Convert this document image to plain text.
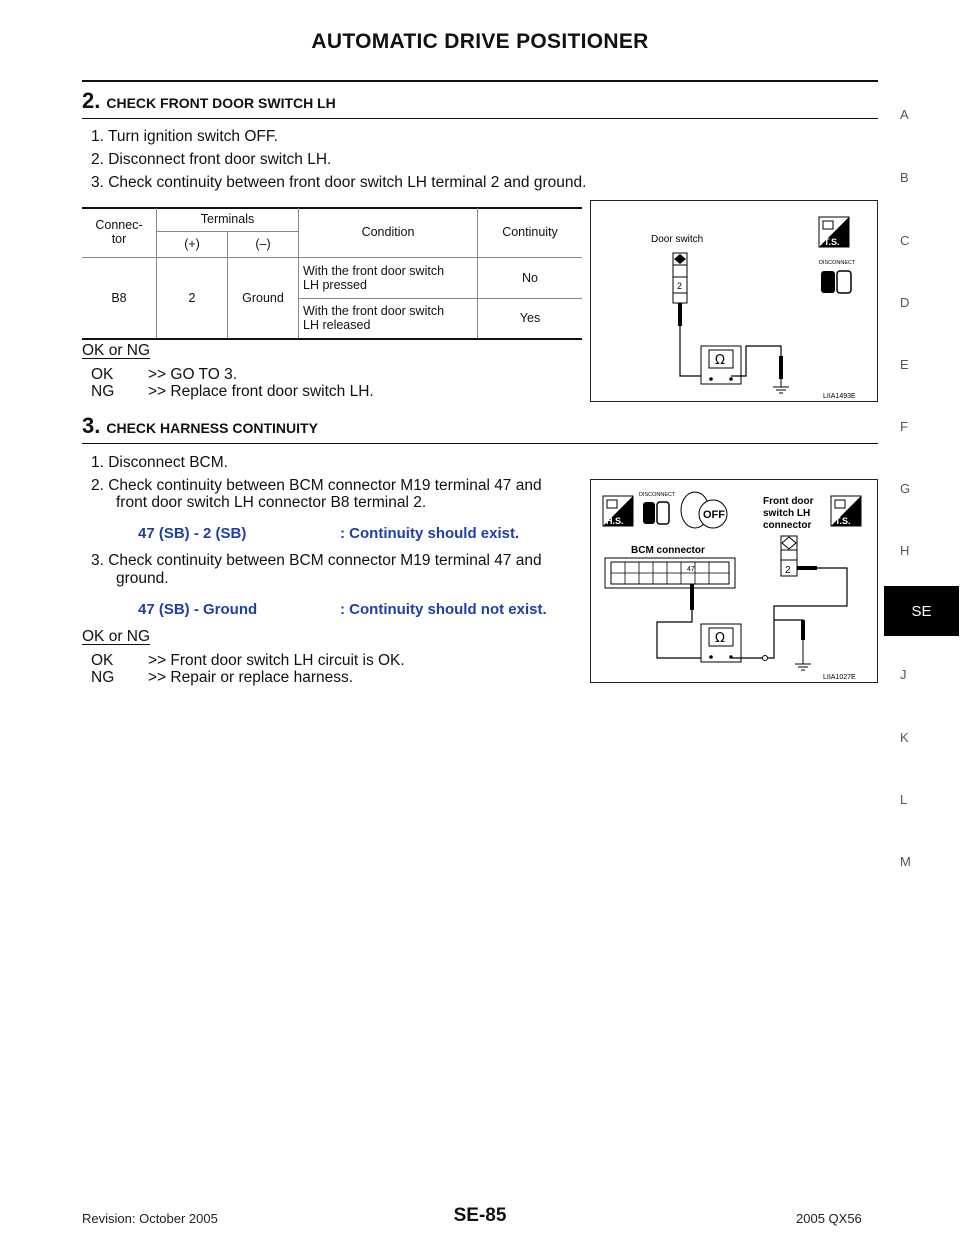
AUTOMATIC DRIVE POSITIONER
A
B
C
D
E
F
G
H
SE
J
K
L
M
2. CHECK FRONT DOOR SWITCH LH
1. Turn ignition switch OFF.
2. Disconnect front door switch LH.
3. Check continuity between front door switch LH terminal 2 and ground.
Connec-
tor	Terminals		Condition	Continuity
	(+)	(–)		
B8	2	Ground	With the front door switch
LH pressed	No
			With the front door switch
LH released	Yes
OK or NG
OK >> GO TO 3.
NG >> Replace front door switch LH.
Door switch	T.S.
DISCONNECT
2
Ω
LIIA1493E
3. CHECK HARNESS CONTINUITY
1. Disconnect BCM.
2. Check continuity between BCM connector M19 terminal 47 and
front door switch LH connector B8 terminal 2.
47 (SB) - 2 (SB)	: Continuity should exist.
3. Check continuity between BCM connector M19 terminal 47 and
ground.
47 (SB) - Ground	: Continuity should not exist.
OK or NG
OK >> Front door switch LH circuit is OK.
NG >> Repair or replace harness.
H.S.
DISCONNECT
OFF
Front door
switch LH
connector	T.S.
BCM connector
47	2
Ω
LIIA1027E
Revision: October 2005	SE-85	2005 QX56
